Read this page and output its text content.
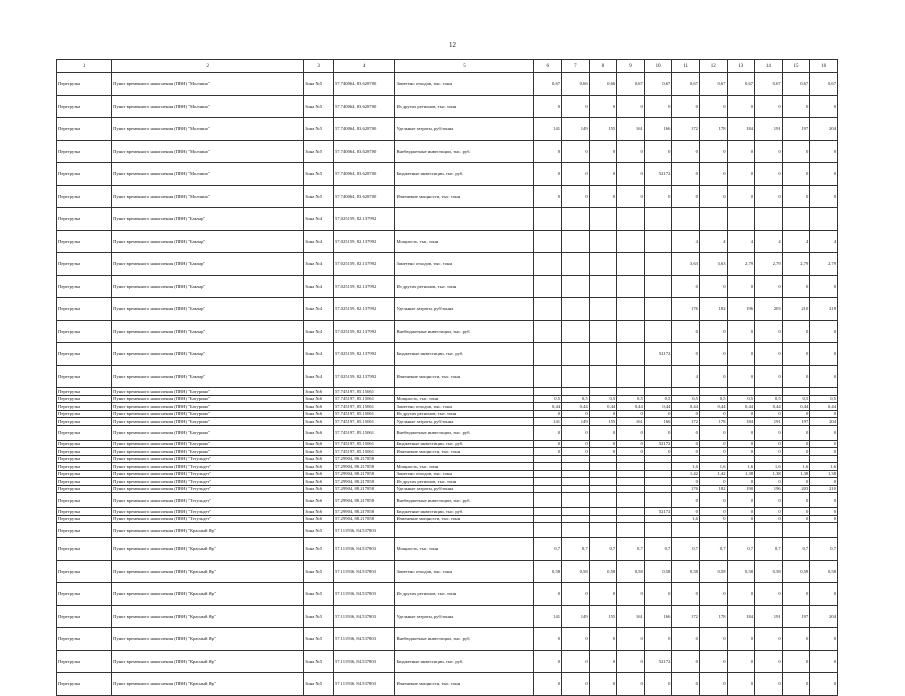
12
1	2	3	4	5	6	7	8	9	10	11	12	13	14	15	16
Перегрузка	Пункт временного накопления (ПВН) "Молчино"	Зона №5	57.740064, 83.628700	Заметено отходов, тыс. тонн	0,67	0,66	0,66	0,67	0,67	0,67	0,67	0,67	0,67	0,67	0,67
Перегрузка	Пункт временного накопления (ПВН) "Молчино"	Зона №5	57.740064, 83.628700	Из других регионов, тыс. тонн	0	0	0	0	0	0	0	0	0	0	0
Перегрузка	Пункт временного накопления (ПВН) "Молчино"	Зона №5	57.740064, 83.628700	Удельные затраты, руб/тонна	141	149	155	161	166	172	178	184	191	197	204
Перегрузка	Пункт временного накопления (ПВН) "Молчино"	Зона №5	57.740064, 83.628700	Внебюджетные инвестиции, тыс. руб.	0	0	0	0	0	0	0	0	0	0	0
Перегрузка	Пункт временного накопления (ПВН) "Молчино"	Зона №5	57.740064, 83.628700	Бюджетные инвестиции, тыс. руб.	0	0	0	0	52172	0	0	0	0	0	0
Перегрузка	Пункт временного накопления (ПВН) "Молчино"	Зона №5	57.740064, 83.628700	Изменение мощности, тыс. тонн	0	0	0	0	0	0	0	0	0	0	0
Перегрузка	Пункт временного накопления (ПВН) "Бакчар"	Зона №4	57.025159, 82.137992												
Перегрузка	Пункт временного накопления (ПВН) "Бакчар"	Зона №4	57.025159, 82.137992	Мощность, тыс. тонн						4	4	4	4	4	4
Перегрузка	Пункт временного накопления (ПВН) "Бакчар"	Зона №4	57.025159, 82.137992	Заметено отходов, тыс. тонн						3,63	3,63	2,79	2,79	2,79	2,79
Перегрузка	Пункт временного накопления (ПВН) "Бакчар"	Зона №4	57.025159, 82.137992	Из других регионов, тыс. тонн						0	0	0	0	0	0
Перегрузка	Пункт временного накопления (ПВН) "Бакчар"	Зона №4	57.025159, 82.137992	Удельные затраты, руб/тонна						176	182	196	203	210	218
Перегрузка	Пункт временного накопления (ПВН) "Бакчар"	Зона №4	57.025159, 82.137992	Внебюджетные инвестиции, тыс. руб.						0	0	0	0	0	0
Перегрузка	Пункт временного накопления (ПВН) "Бакчар"	Зона №4	57.025159, 82.137992	Бюджетные инвестиции, тыс. руб.					52172	0	0	0	0	0	0
Перегрузка	Пункт временного накопления (ПВН) "Бакчар"	Зона №4	57.025159, 82.137992	Изменение мощности, тыс. тонн						4	0	0	0	0	0
Перегрузка	Пункт временного накопления (ПВН) "Батурино"	Зона №6	57.745197, 85.15061												
Перегрузка	Пункт временного накопления (ПВН) "Батурино"	Зона №6	57.745197, 85.15061	Мощность, тыс. тонн	0,5	0,5	0,5	0,5	0,5	0,5	0,5	0,5	0,5	0,5	0,5
Перегрузка	Пункт временного накопления (ПВН) "Батурино"	Зона №6	57.745197, 85.15061	Заметено отходов, тыс. тонн	0,44	0,44	0,44	0,44	0,44	0,44	0,44	0,44	0,44	0,44	0,44
Перегрузка	Пункт временного накопления (ПВН) "Батурино"	Зона №6	57.745197, 85.15061	Из других регионов, тыс. тонн	0	0	0	0	0	0	0	0	0	0	0
Перегрузка	Пункт временного накопления (ПВН) "Батурино"	Зона №6	57.745197, 85.15061	Удельные затраты, руб/тонна	141	149	155	161	166	172	178	184	191	197	204
Перегрузка	Пункт временного накопления (ПВН) "Батурино"	Зона №6	57.745197, 85.15061	Внебюджетные инвестиции, тыс. руб.	0	0	0	0	0	0	0	0	0	0	0
Перегрузка	Пункт временного накопления (ПВН) "Батурино"	Зона №6	57.745197, 85.15061	Бюджетные инвестиции, тыс. руб.	0	0	0	0	52172	0	0	0	0	0	0
Перегрузка	Пункт временного накопления (ПВН) "Батурино"	Зона №6	57.745197, 85.15061	Изменение мощности, тыс. тонн	0	0	0	0	0	0	0	0	0	0	0
Перегрузка	Пункт временного накопления (ПВН) "Тегульдет"	Зона №6	57.29904, 88.217858												
Перегрузка	Пункт временного накопления (ПВН) "Тегульдет"	Зона №6	57.29904, 88.217858	Мощность, тыс. тонн						1,6	1,6	1,6	1,6	1,6	1,6
Перегрузка	Пункт временного накопления (ПВН) "Тегульдет"	Зона №6	57.29904, 88.217858	Заметено отходов, тыс. тонн						1,42	1,42	1,38	1,38	1,38	1,38
Перегрузка	Пункт временного накопления (ПВН) "Тегульдет"	Зона №6	57.29904, 88.217858	Из других регионов, тыс. тонн						0	0	0	0	0	0
Перегрузка	Пункт временного накопления (ПВН) "Тегульдет"	Зона №6	57.29904, 88.217858	Удельные затраты, руб/тонна						176	182	190	196	203	210
Перегрузка	Пункт временного накопления (ПВН) "Тегульдет"	Зона №6	57.29904, 88.217858	Внебюджетные инвестиции, тыс. руб.						0	0	0	0	0	0
Перегрузка	Пункт временного накопления (ПВН) "Тегульдет"	Зона №6	57.29904, 88.217858	Бюджетные инвестиции, тыс. руб.					52172	0	0	0	0	0	0
Перегрузка	Пункт временного накопления (ПВН) "Тегульдет"	Зона №6	57.29904, 88.217858	Изменение мощности, тыс. тонн						1,6	0	0	0	0	0
Перегрузка	Пункт временного накопления (ПВН) "Красный Яр"	Зона №5	57.111936, 84.537803												
Перегрузка	Пункт временного накопления (ПВН) "Красный Яр"	Зона №5	57.111936, 84.537803	Мощность, тыс. тонн	0,7	0,7	0,7	0,7	0,7	0,7	0,7	0,7	0,7	0,7	0,7
Перегрузка	Пункт временного накопления (ПВН) "Красный Яр"	Зона №5	57.111936, 84.537803	Заметено отходов, тыс. тонн	0,58	0,58	0,58	0,58	0,58	0,58	0,58	0,58	0,58	0,58	0,58
Перегрузка	Пункт временного накопления (ПВН) "Красный Яр"	Зона №5	57.111936, 84.537803	Из других регионов, тыс. тонн	0	0	0	0	0	0	0	0	0	0	0
Перегрузка	Пункт временного накопления (ПВН) "Красный Яр"	Зона №5	57.111936, 84.537803	Удельные затраты, руб/тонна	141	149	155	161	166	172	178	184	191	197	204
Перегрузка	Пункт временного накопления (ПВН) "Красный Яр"	Зона №5	57.111936, 84.537803	Внебюджетные инвестиции, тыс. руб.	0	0	0	0	0	0	0	0	0	0	0
Перегрузка	Пункт временного накопления (ПВН) "Красный Яр"	Зона №5	57.111936, 84.537803	Бюджетные инвестиции, тыс. руб.	0	0	0	0	52172	0	0	0	0	0	0
Перегрузка	Пункт временного накопления (ПВН) "Красный Яр"	Зона №5	57.111936, 84.537803	Изменение мощности, тыс. тонн	0	0	0	0	0	0	0	0	0	0	0
